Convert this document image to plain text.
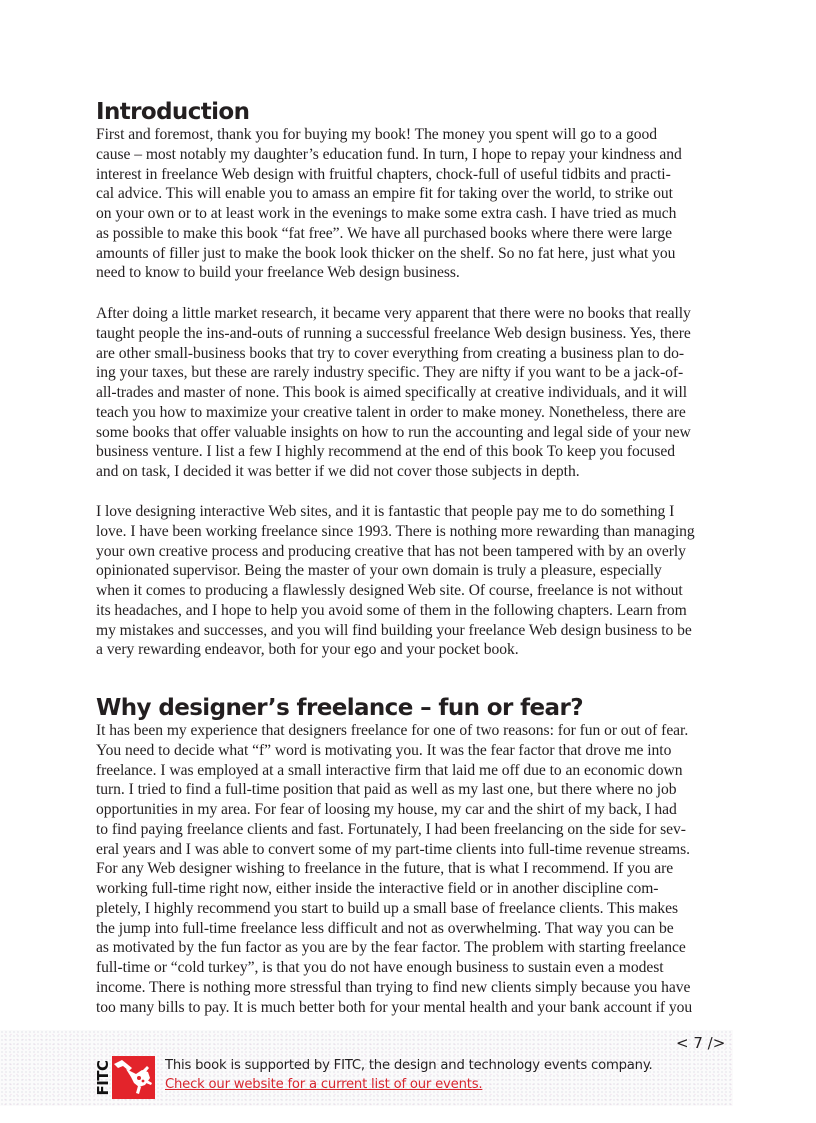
Introduction
First and foremost, thank you for buying my book! The money you spent will go to a good
cause – most notably my daughter’s education fund. In turn, I hope to repay your kindness and
interest in freelance Web design with fruitful chapters, chock-full of useful tidbits and practi-
cal advice. This will enable you to amass an empire fit for taking over the world, to strike out
on your own or to at least work in the evenings to make some extra cash. I have tried as much
as possible to make this book “fat free”. We have all purchased books where there were large
amounts of filler just to make the book look thicker on the shelf. So no fat here, just what you
need to know to build your freelance Web design business.
After doing a little market research, it became very apparent that there were no books that really
taught people the ins-and-outs of running a successful freelance Web design business. Yes, there
are other small-business books that try to cover everything from creating a business plan to do-
ing your taxes, but these are rarely industry specific. They are nifty if you want to be a jack-of-
all-trades and master of none. This book is aimed specifically at creative individuals, and it will
teach you how to maximize your creative talent in order to make money. Nonetheless, there are
some books that offer valuable insights on how to run the accounting and legal side of your new
business venture. I list a few I highly recommend at the end of this book To keep you focused
and on task, I decided it was better if we did not cover those subjects in depth.
I love designing interactive Web sites, and it is fantastic that people pay me to do something I
love. I have been working freelance since 1993. There is nothing more rewarding than managing
your own creative process and producing creative that has not been tampered with by an overly
opinionated supervisor. Being the master of your own domain is truly a pleasure, especially
when it comes to producing a flawlessly designed Web site. Of course, freelance is not without
its headaches, and I hope to help you avoid some of them in the following chapters. Learn from
my mistakes and successes, and you will find building your freelance Web design business to be
a very rewarding endeavor, both for your ego and your pocket book.
Why designer’s freelance – fun or fear?
It has been my experience that designers freelance for one of two reasons: for fun or out of fear.
You need to decide what “f” word is motivating you. It was the fear factor that drove me into
freelance. I was employed at a small interactive firm that laid me off due to an economic down
turn. I tried to find a full-time position that paid as well as my last one, but there where no job
opportunities in my area. For fear of loosing my house, my car and the shirt of my back, I had
to find paying freelance clients and fast. Fortunately, I had been freelancing on the side for sev-
eral years and I was able to convert some of my part-time clients into full-time revenue streams.
For any Web designer wishing to freelance in the future, that is what I recommend. If you are
working full-time right now, either inside the interactive field or in another discipline com-
pletely, I highly recommend you start to build up a small base of freelance clients. This makes
the jump into full-time freelance less difficult and not as overwhelming. That way you can be
as motivated by the fun factor as you are by the fear factor. The problem with starting freelance
full-time or “cold turkey”, is that you do not have enough business to sustain even a modest
income. There is nothing more stressful than trying to find new clients simply because you have
too many bills to pay. It is much better both for your mental health and your bank account if you
< 7 />
FITC	This book is supported by FITC, the design and technology events company.
Check our website for a current list of our events.
